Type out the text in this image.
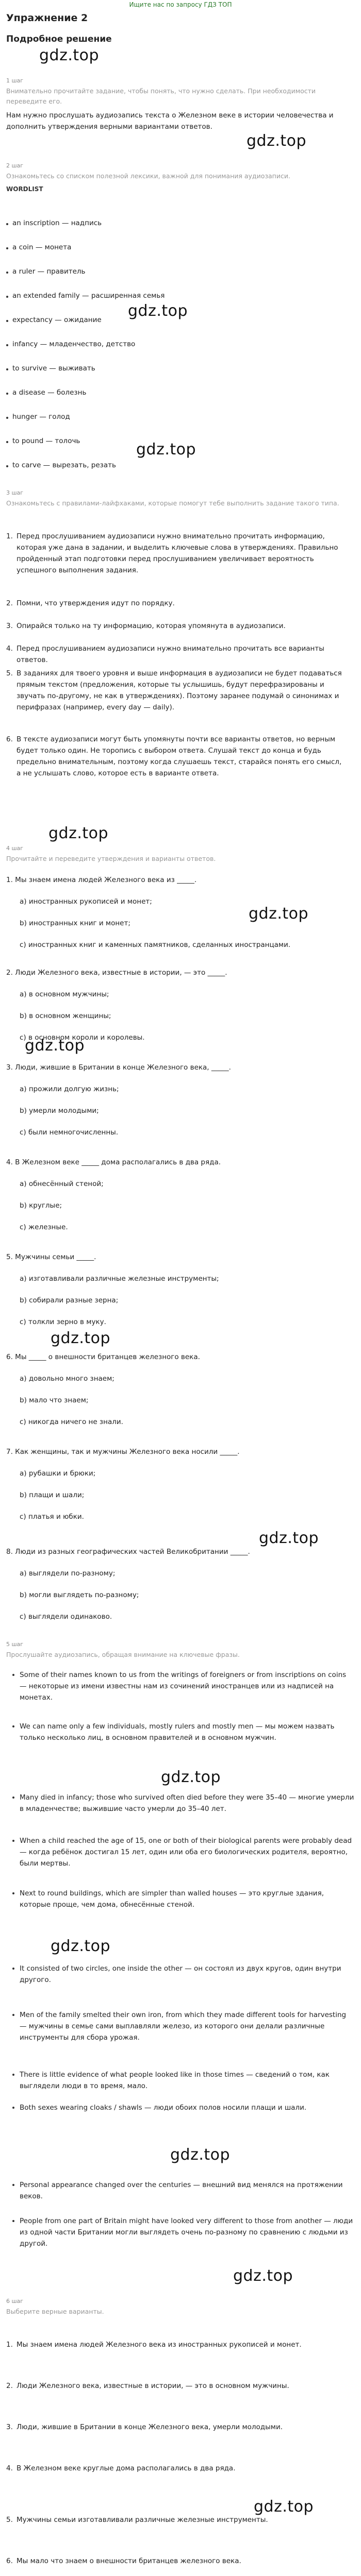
Ищите нас по запросу ГДЗ ТОП
Упражнение 2
Подробное решение
gdz.top
gdz.top
gdz.top
gdz.top
gdz.top
gdz.top
gdz.top
gdz.top
gdz.top
gdz.top
gdz.top
gdz.top
gdz.top
gdz.top
1 шаг
Внимательно прочитайте задание, чтобы понять, что нужно сделать. При необходимости переведите его.
Нам нужно прослушать аудиозапись текста о Железном веке в истории человечества и дополнить утверждения верными вариантами ответов.
2 шаг
Ознакомьтесь со списком полезной лексики, важной для понимания аудиозаписи.
WORDLIST
an inscription — надпись
a coin — монета
a ruler — правитель
an extended family — расширенная семья
expectancy — ожидание
infancy — младенчество, детство
to survive — выживать
a disease — болезнь
hunger — голод
to pound — толочь
to carve — вырезать, резать
3 шаг
Ознакомьтесь с правилами-лайфхаками, которые помогут тебе выполнить задание такого типа.
1. Перед прослушиванием аудиозаписи нужно внимательно прочитать информацию, которая уже дана в задании, и выделить ключевые слова в утверждениях. Правильно пройденный этап подготовки перед прослушиванием увеличивает вероятность успешного выполнения задания.
2. Помни, что утверждения идут по порядку.
3. Опирайся только на ту информацию, которая упомянута в аудиозаписи.
4. Перед прослушиванием аудиозаписи нужно внимательно прочитать все варианты ответов.
5. В заданиях для твоего уровня и выше информация в аудиозаписи не будет подаваться прямым текстом (предложения, которые ты услышишь, будут перефразированы и звучать по-другому, не как в утверждениях). Поэтому заранее подумай о синонимах и перифразах (например, every day — daily).
6. В тексте аудиозаписи могут быть упомянуты почти все варианты ответов, но верным будет только один. Не торопись с выбором ответа. Слушай текст до конца и будь предельно внимательным, поэтому когда слушаешь текст, старайся понять его смысл, а не услышать слово, которое есть в варианте ответа.
4 шаг
Прочитайте и переведите утверждения и варианты ответов.
1. Мы знаем имена людей Железного века из _____.
a) иностранных рукописей и монет;
b) иностранных книг и монет;
c) иностранных книг и каменных памятников, сделанных иностранцами.
2. Люди Железного века, известные в истории, — это _____.
a) в основном мужчины;
b) в основном женщины;
c) в основном короли и королевы.
3. Люди, жившие в Британии в конце Железного века, _____.
a) прожили долгую жизнь;
b) умерли молодыми;
c) были немногочисленны.
4. В Железном веке _____ дома располагались в два ряда.
a) обнесённый стеной;
b) круглые;
c) железные.
5. Мужчины семьи _____.
a) изготавливали различные железные инструменты;
b) собирали разные зерна;
c) толкли зерно в муку.
6. Мы _____ о внешности британцев железного века.
a) довольно много знаем;
b) мало что знаем;
c) никогда ничего не знали.
7. Как женщины, так и мужчины Железного века носили _____.
a) рубашки и брюки;
b) плащи и шали;
c) платья и юбки.
8. Люди из разных географических частей Великобритании _____.
a) выглядели по-разному;
b) могли выглядеть по-разному;
c) выглядели одинаково.
5 шаг
Прослушайте аудиозапись, обращая внимание на ключевые фразы.
Some of their names known to us from the writings of foreigners or from inscriptions on coins — некоторые из имени известны нам из сочинений иностранцев или из надписей на монетах.
We can name only a few individuals, mostly rulers and mostly men — мы можем назвать только несколько лиц, в основном правителей и в основном мужчин.
Many died in infancy; those who survived often died before they were 35–40 — многие умерли в младенчестве; выжившие часто умерли до 35–40 лет.
When a child reached the age of 15, one or both of their biological parents were probably dead — когда ребёнок достигал 15 лет, один или оба его биологических родителя, вероятно, были мертвы.
Next to round buildings, which are simpler than walled houses — это круглые здания, которые проще, чем дома, обнесённые стеной.
It consisted of two circles, one inside the other — он состоял из двух кругов, один внутри другого.
Men of the family smelted their own iron, from which they made different tools for harvesting — мужчины в семье сами выплавляли железо, из которого они делали различные инструменты для сбора урожая.
There is little evidence of what people looked like in those times — сведений о том, как выглядели люди в то время, мало.
Both sexes wearing cloaks / shawls — люди обоих полов носили плащи и шали.
Personal appearance changed over the centuries — внешний вид менялся на протяжении веков.
People from one part of Britain might have looked very different to those from another — люди из одной части Британии могли выглядеть очень по-разному по сравнению с людьми из другой.
6 шаг
Выберите верные варианты.
1. Мы знаем имена людей Железного века из иностранных рукописей и монет.
2. Люди Железного века, известные в истории, — это в основном мужчины.
3. Люди, жившие в Британии в конце Железного века, умерли молодыми.
4. В Железном веке круглые дома располагались в два ряда.
5. Мужчины семьи изготавливали различные железные инструменты.
6. Мы мало что знаем о внешности британцев железного века.
